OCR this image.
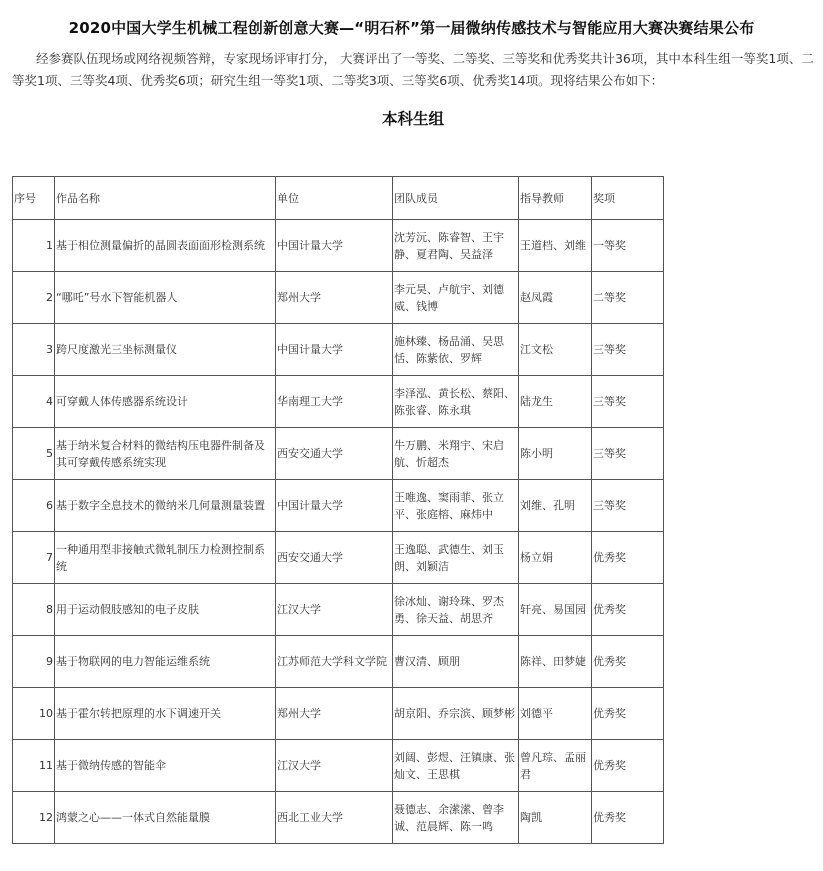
2020中国大学生机械工程创新创意大赛—“明石杯”第一届微纳传感技术与智能应用大赛决赛结果公布

经参赛队伍现场或网络视频答辩，专家现场评审打分， 大赛评出了一等奖、二等奖、三等奖和优秀奖共计36项，其中本科生组一等奖1项、二等奖1项、三等奖4项、优秀奖6项；研究生组一等奖1项、二等奖3项、三等奖6项、优秀奖14项。现将结果公布如下：

本科生组
序号	作品名称	单位	团队成员	指导教师	奖项

1	基于相位测量偏折的晶圆表面面形检测系统	中国计量大学	沈芳沅、陈睿智、王宇静、夏君陶、吴益泽	王道档、刘维	一等奖

2	“哪吒”号水下智能机器人	郑州大学	李元昊、卢航宇、刘德威、钱博	赵凤霞	二等奖

3	跨尺度激光三坐标测量仪	中国计量大学	施林臻、杨品涌、吴思恬、陈紫依、罗辉	江文松	三等奖

4	可穿戴人体传感器系统设计	华南理工大学	李泽泓、黄长松、蔡阳、陈张睿、陈永琪	陆龙生	三等奖

5	基于纳米复合材料的微结构压电器件制备及其可穿戴传感系统实现	西安交通大学	牛万鹏、米翔宇、宋启航、忻超杰	陈小明	三等奖

6	基于数字全息技术的微纳米几何量测量装置	中国计量大学	王唯逸、窦雨菲、张立平、张庭榕、麻炜中	刘维、孔明	三等奖

7	一种通用型非接触式微轧制压力检测控制系统	西安交通大学	王逸聪、武德生、刘玉朗、刘颖洁	杨立娟	优秀奖

8	用于运动假肢感知的电子皮肤	江汉大学	徐冰灿、谢玲珠、罗杰勇、徐天益、胡思齐	轩亮、易国园	优秀奖

9	基于物联网的电力智能运维系统	江苏师范大学科文学院	曹汉清、顾朋	陈祥、田梦婕	优秀奖

10	基于霍尔转把原理的水下调速开关	郑州大学	胡京阳、乔宗滨、顾梦彬	刘德平	优秀奖

11	基于微纳传感的智能伞	江汉大学	刘阔、彭煜、汪镇康、张灿文、王思棋	曾凡琮、孟丽君	优秀奖

12	鸿蒙之心——一体式自然能量膜	西北工业大学	聂德志、余潆潆、曾李诚、范晨辉、陈一鸣	陶凯	优秀奖
